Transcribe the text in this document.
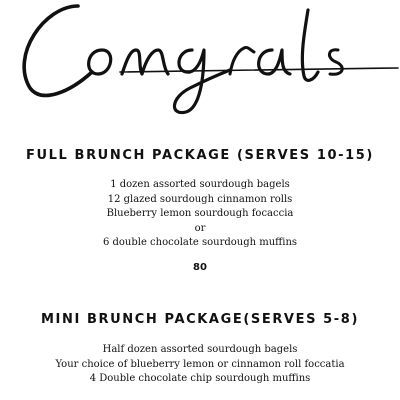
FULL BRUNCH PACKAGE (SERVES 10-15)
1 dozen assorted sourdough bagels
12 glazed sourdough cinnamon rolls
Blueberry lemon sourdough focaccia
or
6 double chocolate sourdough muffins
80
MINI BRUNCH PACKAGE(SERVES 5-8)
Half dozen assorted sourdough bagels
Your choice of blueberry lemon or cinnamon roll foccatia
4 Double chocolate chip sourdough muffins
